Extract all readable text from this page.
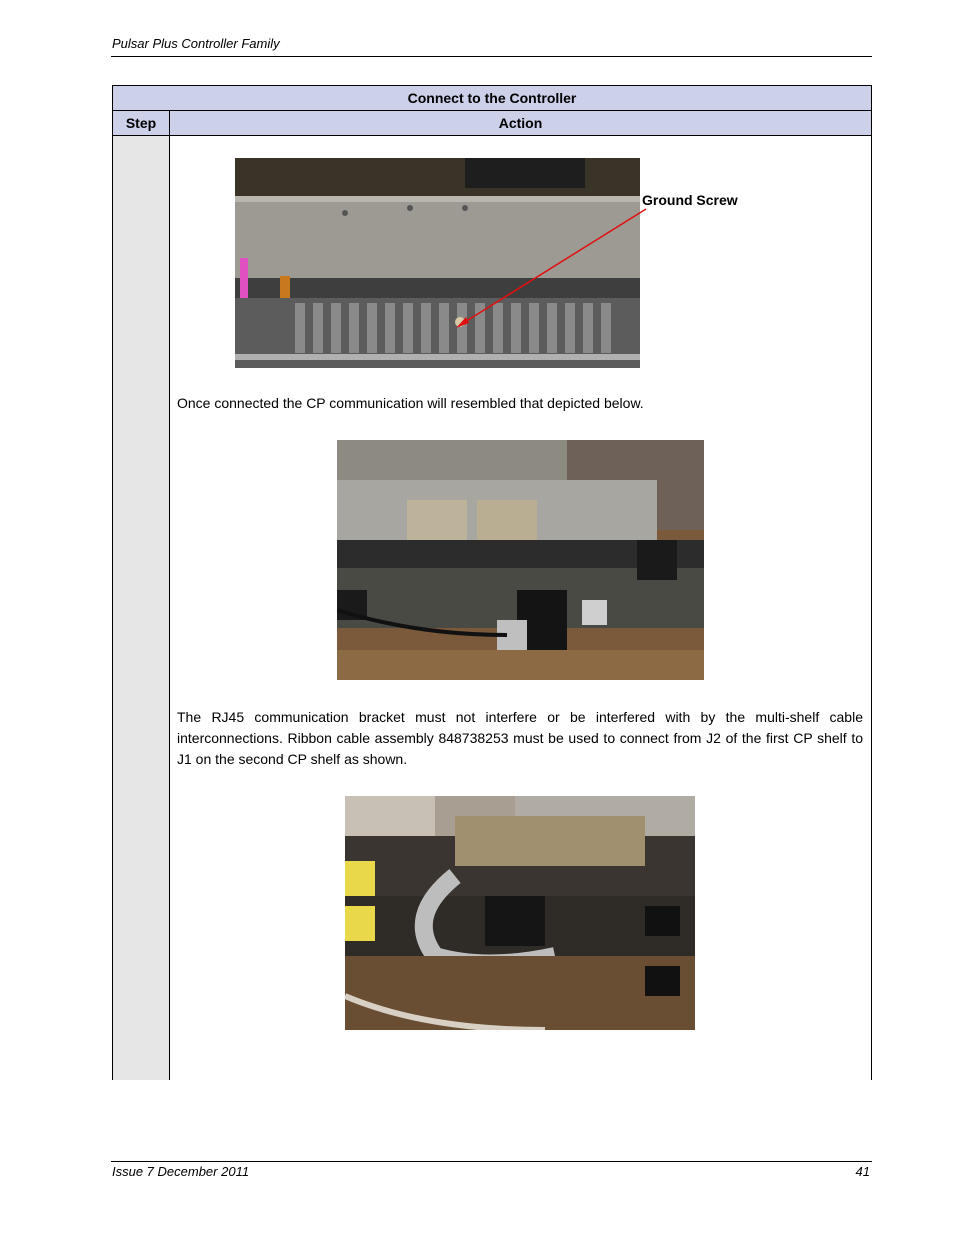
Pulsar Plus Controller Family
Connect to the Controller
Step	Action
Ground Screw
Once connected the CP communication will resembled that depicted below.
The RJ45 communication bracket must not interfere or be interfered with by the multi-shelf cable interconnections. Ribbon cable assembly 848738253 must be used to connect from J2 of the first CP shelf to J1 on the second CP shelf as shown.
Issue 7 December 2011	41
